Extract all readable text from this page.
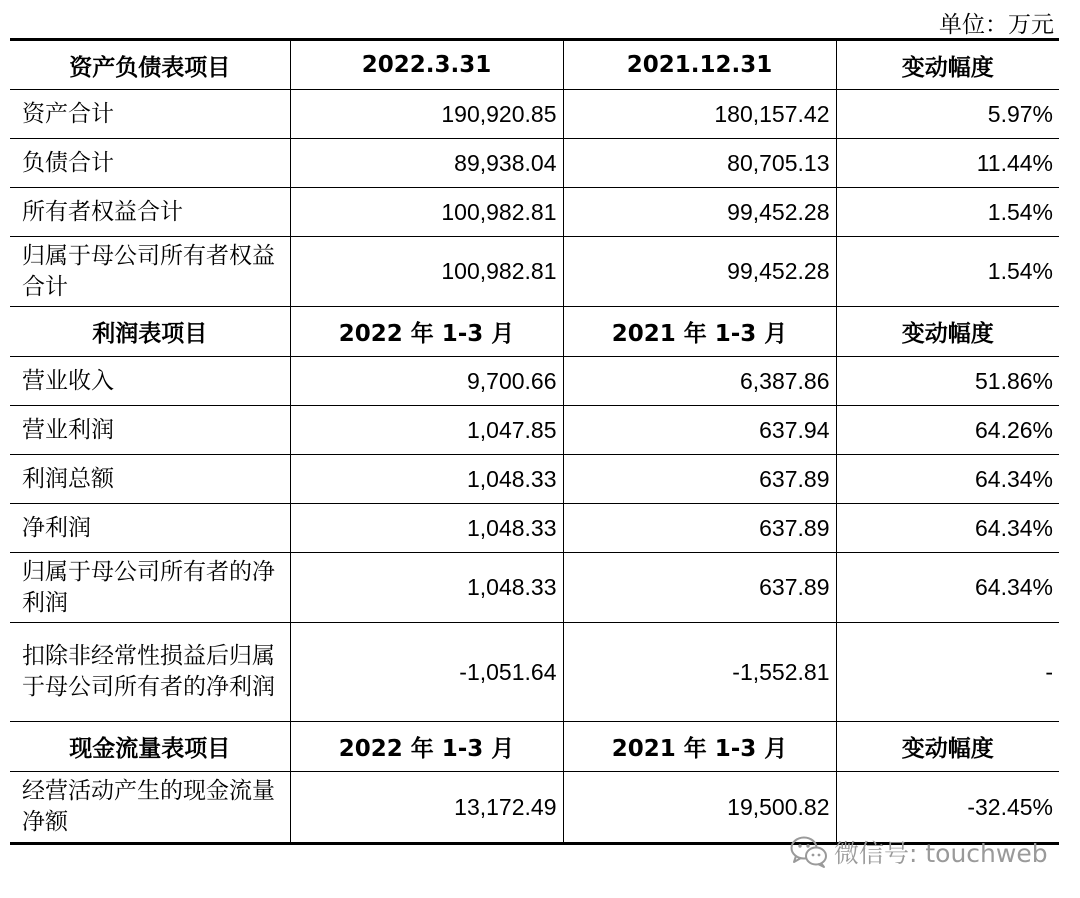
单位：万元
资产负债表项目	2022.3.31	2021.12.31	变动幅度
资产合计	190,920.85	180,157.42	5.97%
负债合计	89,938.04	80,705.13	11.44%
所有者权益合计	100,982.81	99,452.28	1.54%
归属于母公司所有者权益合计	100,982.81	99,452.28	1.54%
利润表项目	2022 年 1-3 月	2021 年 1-3 月	变动幅度
营业收入	9,700.66	6,387.86	51.86%
营业利润	1,047.85	637.94	64.26%
利润总额	1,048.33	637.89	64.34%
净利润	1,048.33	637.89	64.34%
归属于母公司所有者的净利润	1,048.33	637.89	64.34%
扣除非经常性损益后归属于母公司所有者的净利润	-1,051.64	-1,552.81	-
现金流量表项目	2022 年 1-3 月	2021 年 1-3 月	变动幅度
经营活动产生的现金流量净额	13,172.49	19,500.82	-32.45%
微信号: touchweb
